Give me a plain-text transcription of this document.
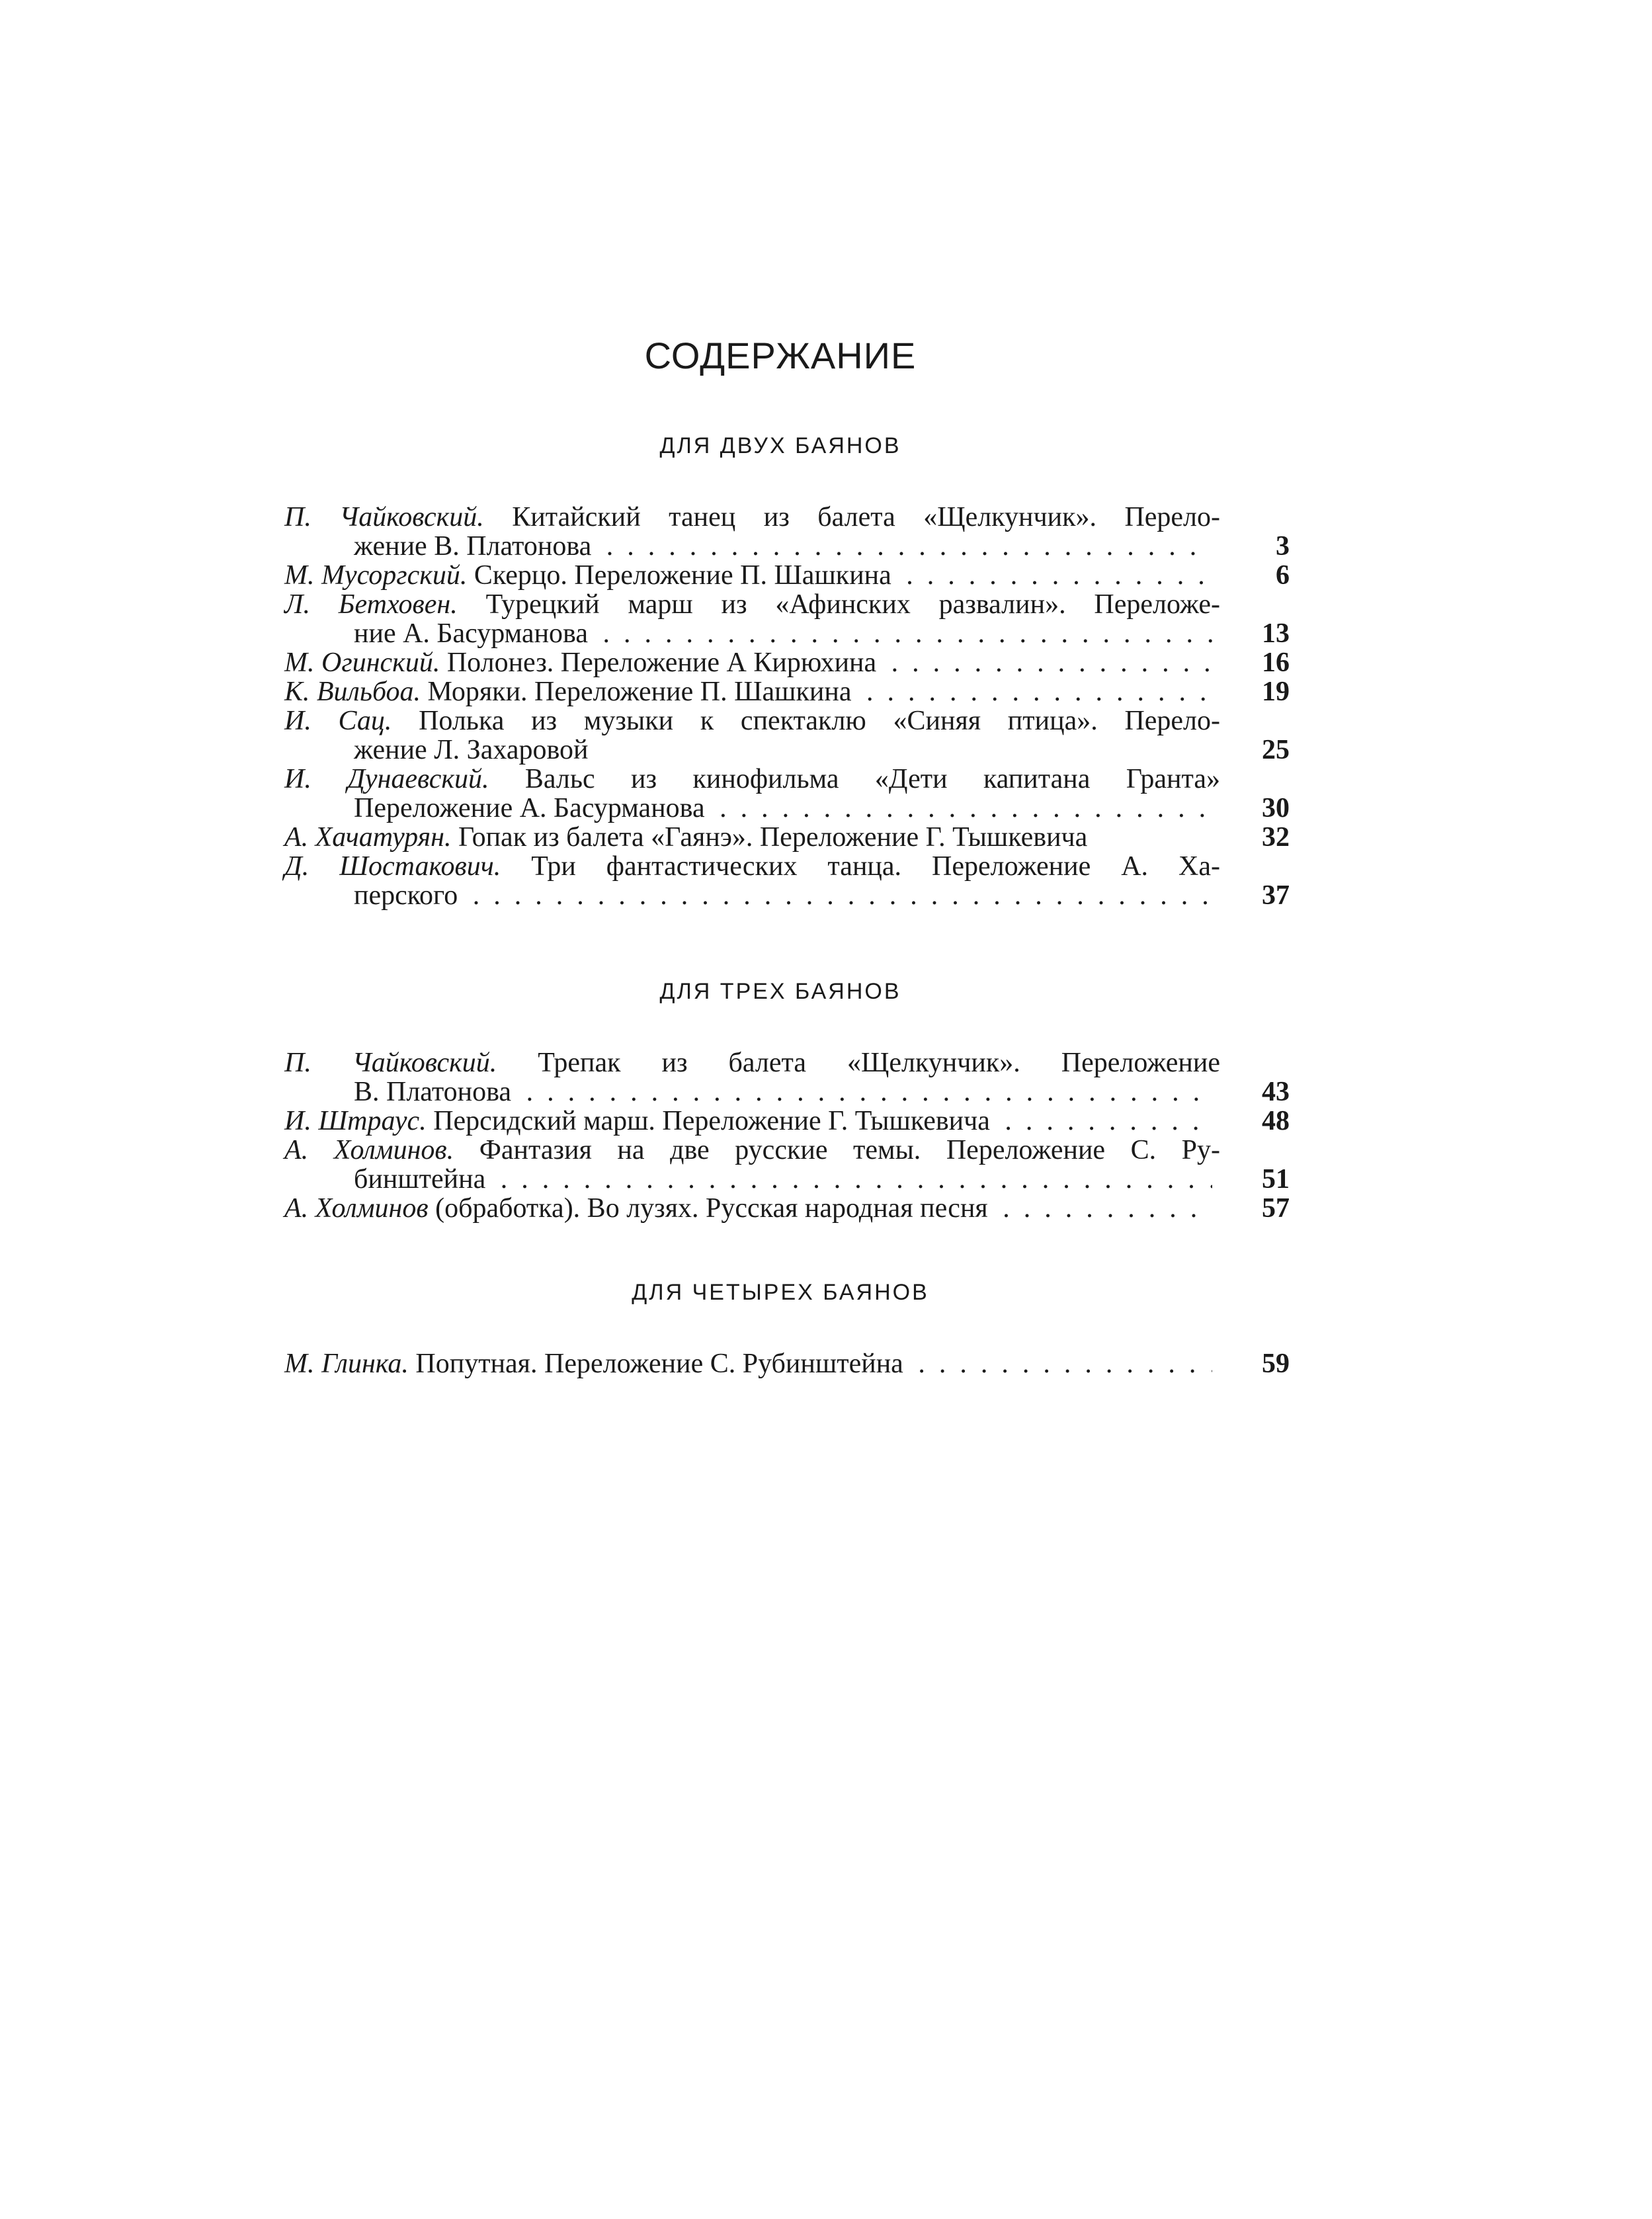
СОДЕРЖАНИЕ
ДЛЯ ДВУХ БАЯНОВ
П. Чайковский. Китайский танец из балета «Щелкунчик». Перело-
жение В. Платонова . .	3
М. Мусоргский.
Скерцо. Переложение П. Шашкина . .	6
Л. Бетховен. Турецкий марш из «Афинских развалин». Переложе-
ние А. Басурманова . .	13
М. Огинский.
Полонез. Переложение А Кирюхина . .	16
К. Вильбоа.
Моряки. Переложение П. Шашкина . .	19
И. Сац. Полька из музыки к спектаклю «Синяя птица». Перело-
жение Л. Захаровой	25
И. Дунаевский. Вальс из кинофильма «Дети капитана Гранта»
Переложение А. Басурманова . .	30
А. Хачатурян.
Гопак из балета «Гаянэ». Переложение Г. Тышкевича	32
Д. Шостакович. Три фантастических танца. Переложение А. Ха-
перского . .	37
ДЛЯ ТРЕХ БАЯНОВ
П. Чайковский. Трепак из балета «Щелкунчик». Переложение
В. Платонова . .	43
И. Штраус.
Персидский марш. Переложение Г. Тышкевича . .	48
А. Холминов. Фантазия на две русские темы. Переложение С. Ру-
бинштейна . .	51
А. Холминов
(обработка). Во лузях. Русская народная песня . .	57
ДЛЯ ЧЕТЫРЕХ БАЯНОВ
М. Глинка.
Попутная. Переложение С. Рубинштейна . .	59
